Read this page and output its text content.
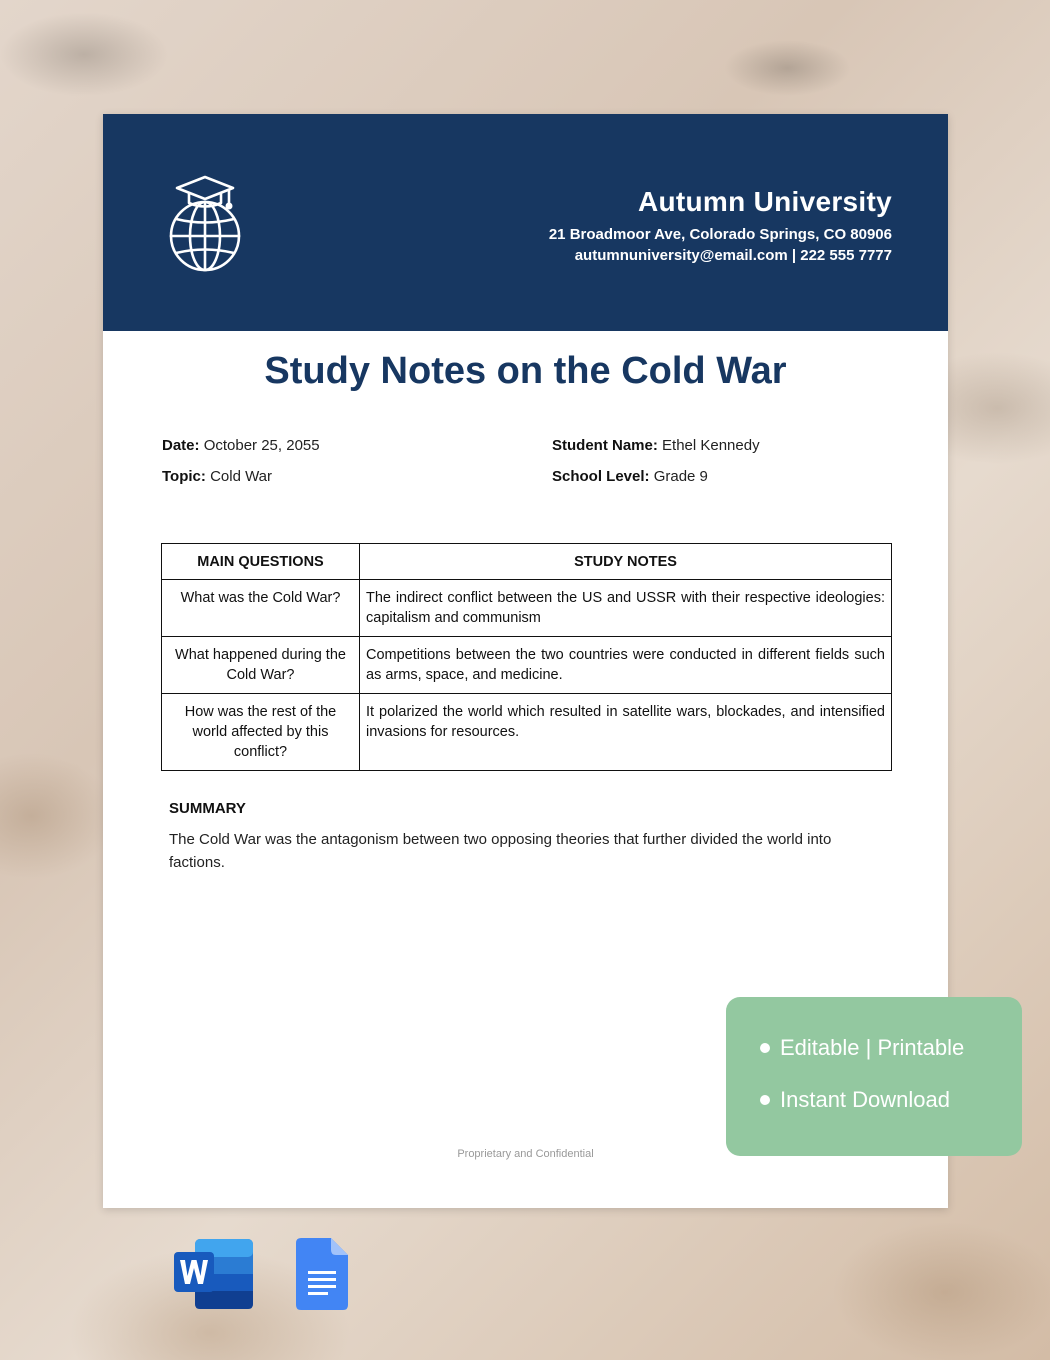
Autumn University
21 Broadmoor Ave, Colorado Springs, CO 80906
autumnuniversity@email.com | 222 555 7777
Study Notes on the Cold War
Date: October 25, 2055
Topic: Cold War
Student Name: Ethel Kennedy
School Level: Grade 9
MAIN QUESTIONS	STUDY NOTES
What was the Cold War?	The indirect conflict between the US and USSR with their respective ideologies: capitalism and communism
What happened during the Cold War?	Competitions between the two countries were conducted in different fields such as arms, space, and medicine.
How was the rest of the world affected by this conflict?	It polarized the world which resulted in satellite wars, blockades, and intensified invasions for resources.
SUMMARY
The Cold War was the antagonism between two opposing theories that further divided the world into factions.
Proprietary and Confidential
Editable | Printable
Instant Download
